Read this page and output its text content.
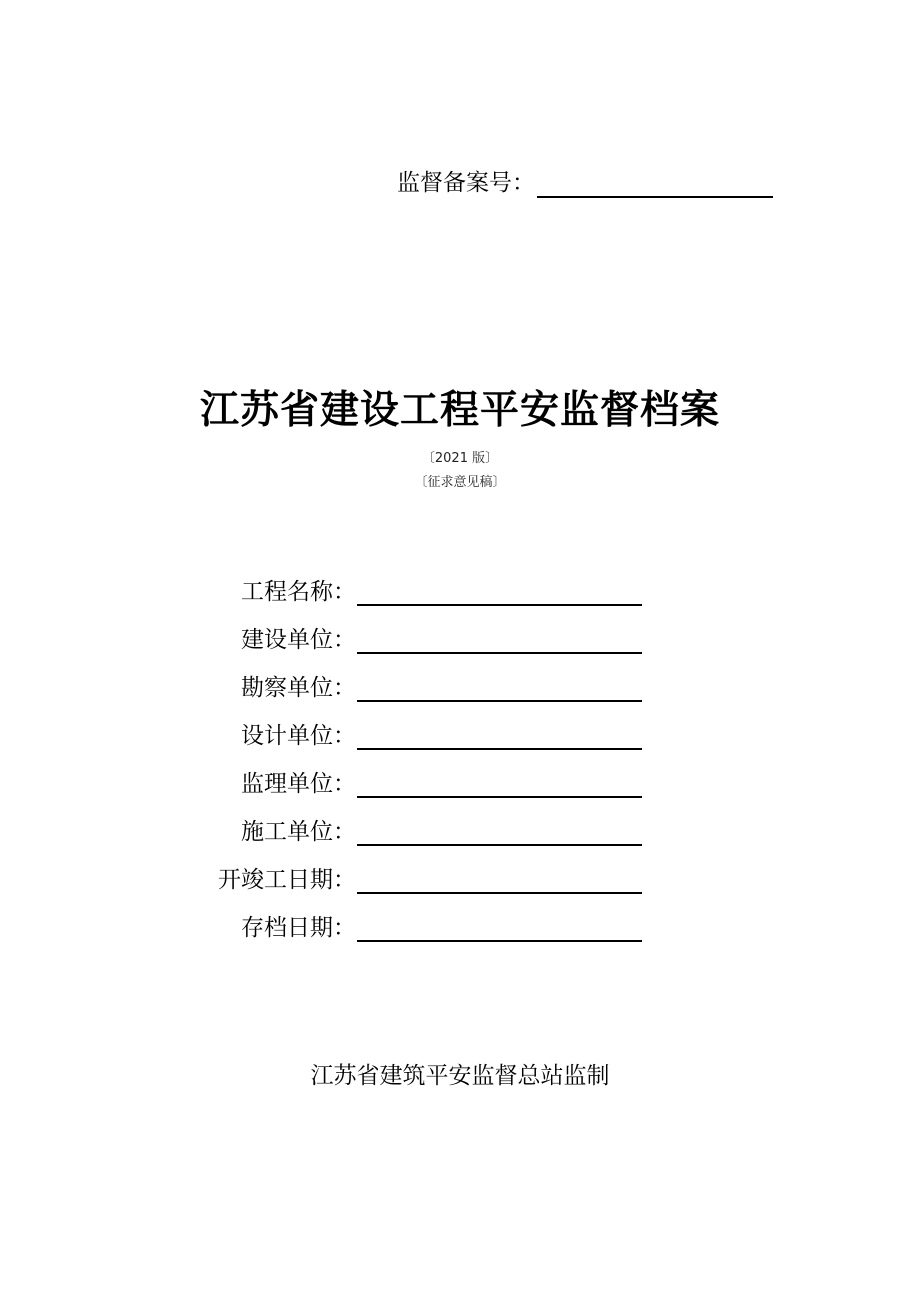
监督备案号：
江苏省建设工程平安监督档案
〔2021 版〕
〔征求意见稿〕
工程名称：
建设单位：
勘察单位：
设计单位：
监理单位：
施工单位：
开竣工日期：
存档日期：
江苏省建筑平安监督总站监制
